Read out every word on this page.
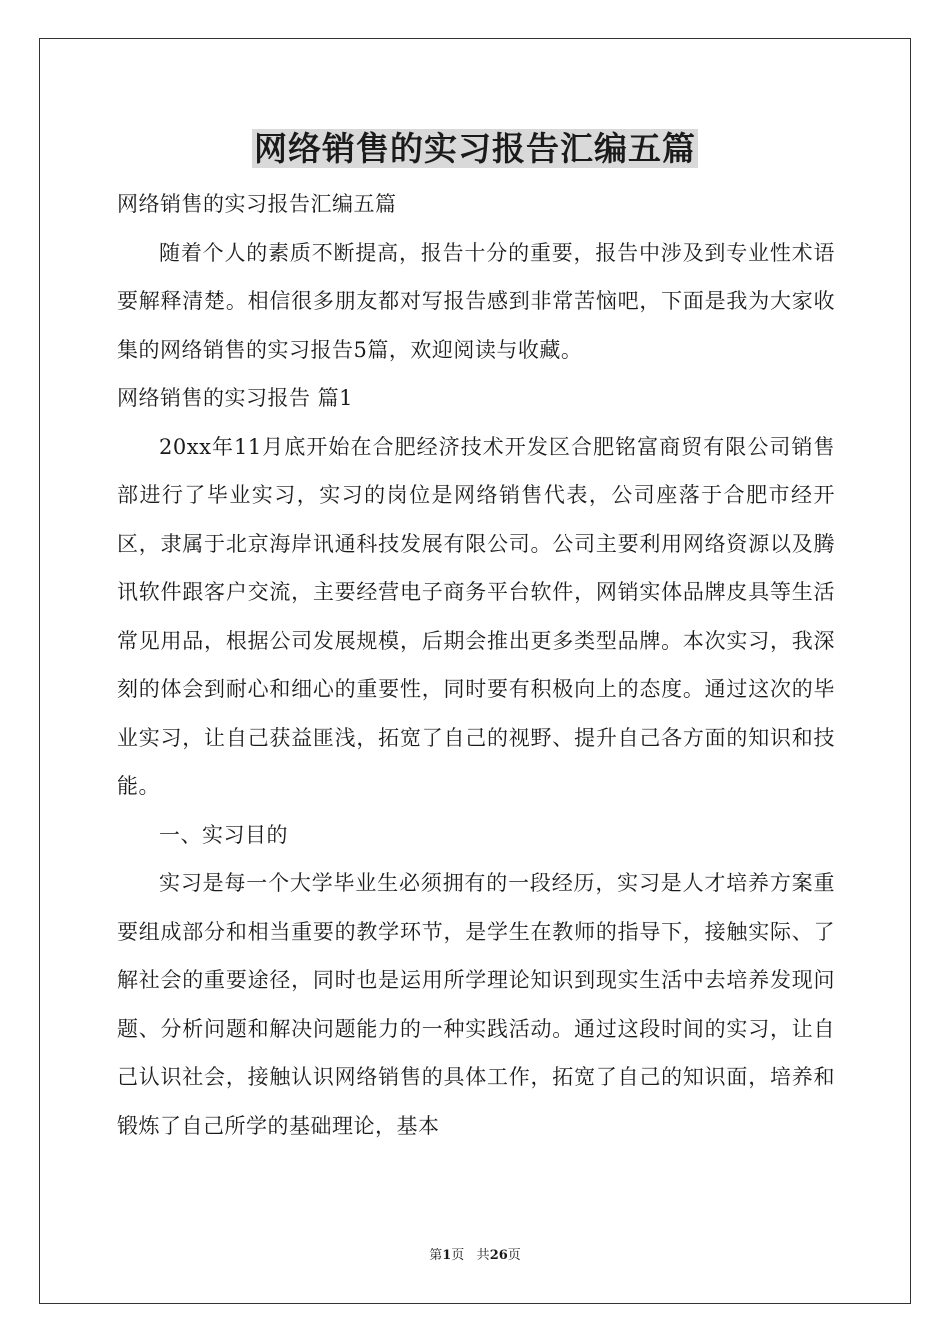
网络销售的实习报告汇编五篇

网络销售的实习报告汇编五篇

随着个人的素质不断提高，报告十分的重要，报告中涉及到专业性术语要解释清楚。相信很多朋友都对写报告感到非常苦恼吧，下面是我为大家收集的网络销售的实习报告5篇，欢迎阅读与收藏。

网络销售的实习报告 篇1

20xx年11月底开始在合肥经济技术开发区合肥铭富商贸有限公司销售部进行了毕业实习，实习的岗位是网络销售代表，公司座落于合肥市经开区，隶属于北京海岸讯通科技发展有限公司。公司主要利用网络资源以及腾讯软件跟客户交流，主要经营电子商务平台软件，网销实体品牌皮具等生活常见用品，根据公司发展规模，后期会推出更多类型品牌。本次实习，我深刻的体会到耐心和细心的重要性，同时要有积极向上的态度。通过这次的毕业实习，让自己获益匪浅，拓宽了自己的视野、提升自己各方面的知识和技能。

一、实习目的

实习是每一个大学毕业生必须拥有的一段经历，实习是人才培养方案重要组成部分和相当重要的教学环节，是学生在教师的指导下，接触实际、了解社会的重要途径，同时也是运用所学理论知识到现实生活中去培养发现问题、分析问题和解决问题能力的一种实践活动。通过这段时间的实习，让自己认识社会，接触认识网络销售的具体工作，拓宽了自己的知识面，培养和锻炼了自己所学的基础理论，基本

第1页 共26页
